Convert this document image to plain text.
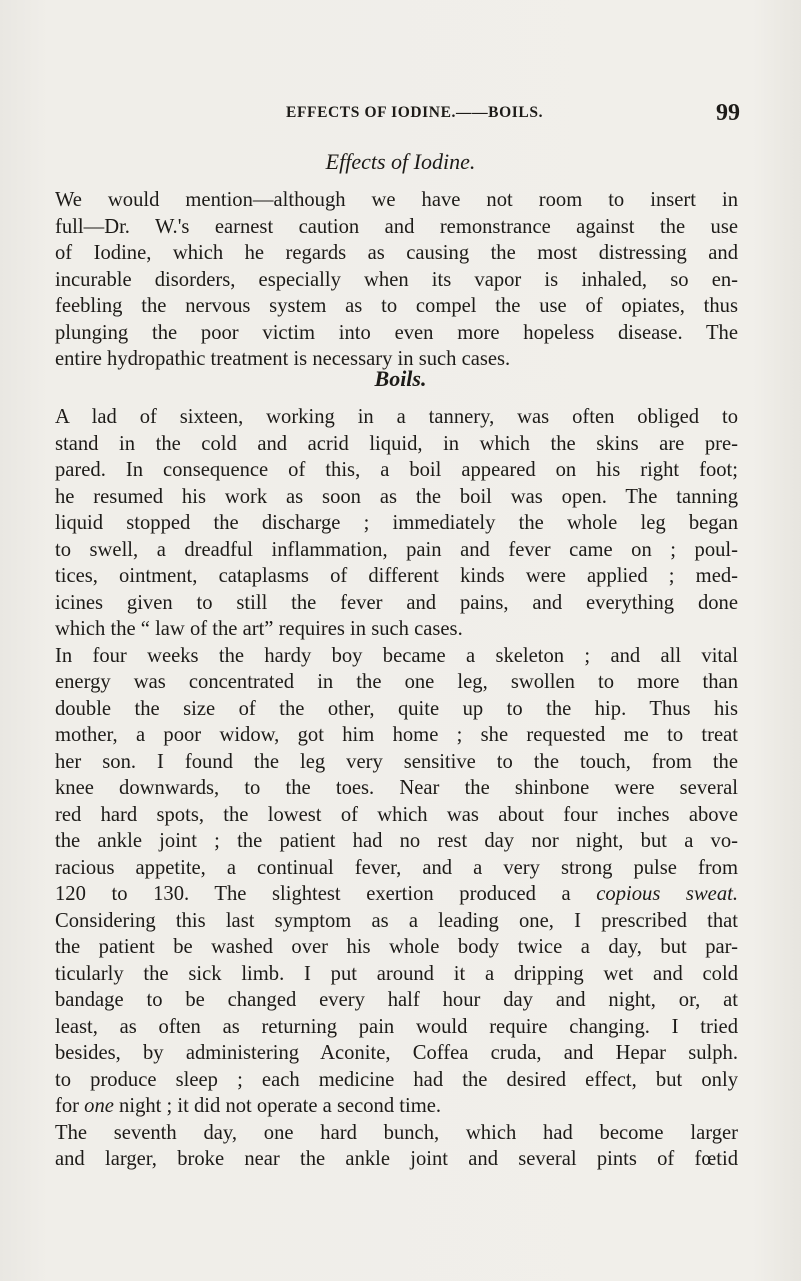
EFFECTS OF IODINE.——BOILS.	99
Effects of Iodine.
We would mention—although we have not room to insert in
full—Dr. W.'s earnest caution and remonstrance against the use
of Iodine, which he regards as causing the most distressing and
incurable disorders, especially when its vapor is inhaled, so en-
feebling the nervous system as to compel the use of opiates, thus
plunging the poor victim into even more hopeless disease. The
entire hydropathic treatment is necessary in such cases.
Boils.
A lad of sixteen, working in a tannery, was often obliged to
stand in the cold and acrid liquid, in which the skins are pre-
pared. In consequence of this, a boil appeared on his right foot;
he resumed his work as soon as the boil was open. The tanning
liquid stopped the discharge ; immediately the whole leg began
to swell, a dreadful inflammation, pain and fever came on ; poul-
tices, ointment, cataplasms of different kinds were applied ; med-
icines given to still the fever and pains, and everything done
which the “ law of the art” requires in such cases.
In four weeks the hardy boy became a skeleton ; and all vital
energy was concentrated in the one leg, swollen to more than
double the size of the other, quite up to the hip. Thus his
mother, a poor widow, got him home ; she requested me to treat
her son. I found the leg very sensitive to the touch, from the
knee downwards, to the toes. Near the shinbone were several
red hard spots, the lowest of which was about four inches above
the ankle joint ; the patient had no rest day nor night, but a vo-
racious appetite, a continual fever, and a very strong pulse from
120 to 130. The slightest exertion produced a copious sweat.
Considering this last symptom as a leading one, I prescribed that
the patient be washed over his whole body twice a day, but par-
ticularly the sick limb. I put around it a dripping wet and cold
bandage to be changed every half hour day and night, or, at
least, as often as returning pain would require changing. I tried
besides, by administering Aconite, Coffea cruda, and Hepar sulph.
to produce sleep ; each medicine had the desired effect, but only
for one night ; it did not operate a second time.
The seventh day, one hard bunch, which had become larger
and larger, broke near the ankle joint and several pints of fœtid
